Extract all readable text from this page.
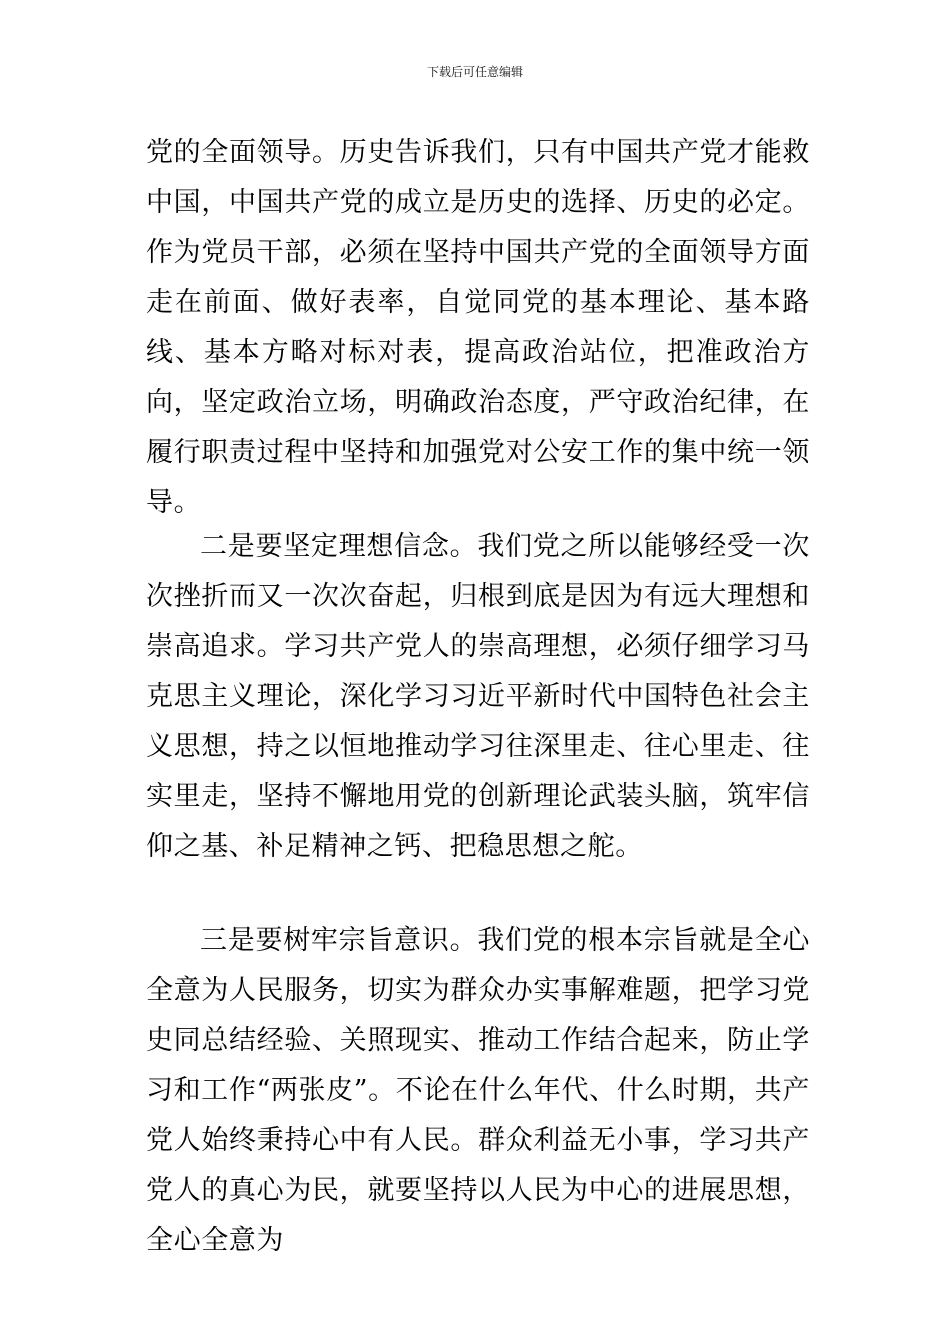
下载后可任意编辑

党的全面领导。历史告诉我们，只有中国共产党才能救中国，中国共产党的成立是历史的选择、历史的必定。作为党员干部，必须在坚持中国共产党的全面领导方面走在前面、做好表率，自觉同党的基本理论、基本路线、基本方略对标对表，提高政治站位，把准政治方向，坚定政治立场，明确政治态度，严守政治纪律，在履行职责过程中坚持和加强党对公安工作的集中统一领导。

二是要坚定理想信念。我们党之所以能够经受一次次挫折而又一次次奋起，归根到底是因为有远大理想和崇高追求。学习共产党人的崇高理想，必须仔细学习马克思主义理论，深化学习习近平新时代中国特色社会主义思想，持之以恒地推动学习往深里走、往心里走、往实里走，坚持不懈地用党的创新理论武装头脑，筑牢信仰之基、补足精神之钙、把稳思想之舵。

三是要树牢宗旨意识。我们党的根本宗旨就是全心全意为人民服务，切实为群众办实事解难题，把学习党史同总结经验、关照现实、推动工作结合起来，防止学习和工作“两张皮”。不论在什么年代、什么时期，共产党人始终秉持心中有人民。群众利益无小事，学习共产党人的真心为民，就要坚持以人民为中心的进展思想，全心全意为
